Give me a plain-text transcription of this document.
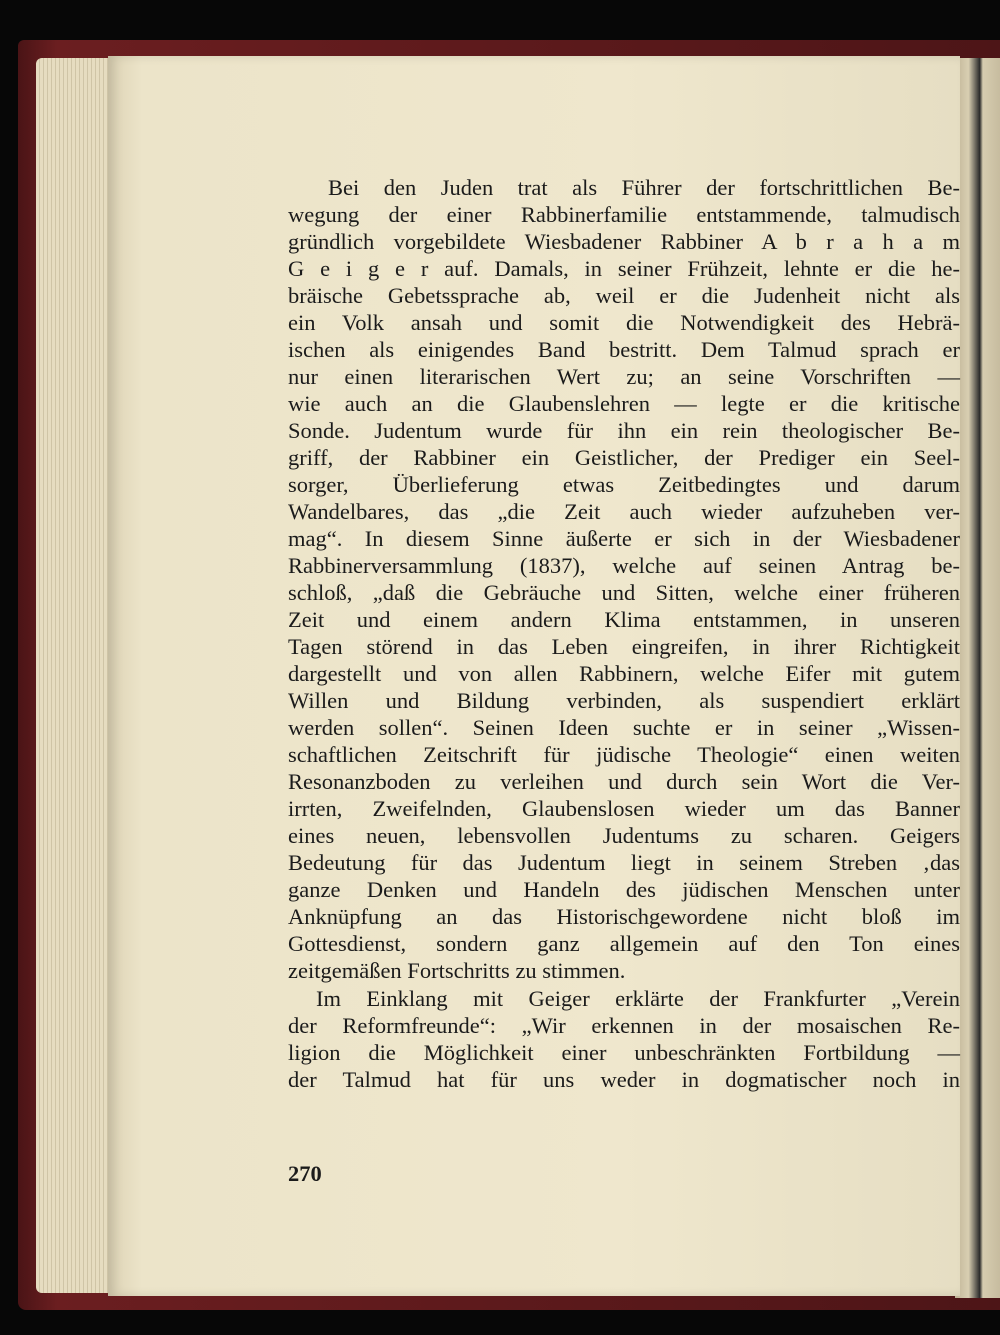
Bei den Juden trat als Führer der fortschrittlichen Be-
wegung der einer Rabbinerfamilie entstammende, talmudisch
gründlich vorgebildete Wiesbadener Rabbiner A b r a h a m
G e i g e r auf. Damals, in seiner Frühzeit, lehnte er die he-
bräische Gebetssprache ab, weil er die Judenheit nicht als
ein Volk ansah und somit die Notwendigkeit des Hebrä-
ischen als einigendes Band bestritt. Dem Talmud sprach er
nur einen literarischen Wert zu; an seine Vorschriften —
wie auch an die Glaubenslehren — legte er die kritische
Sonde. Judentum wurde für ihn ein rein theologischer Be-
griff, der Rabbiner ein Geistlicher, der Prediger ein Seel-
sorger, Überlieferung etwas Zeitbedingtes und darum
Wandelbares, das „die Zeit auch wieder aufzuheben ver-
mag“. In diesem Sinne äußerte er sich in der Wiesbadener
Rabbinerversammlung (1837), welche auf seinen Antrag be-
schloß, „daß die Gebräuche und Sitten, welche einer früheren
Zeit und einem andern Klima entstammen, in unseren
Tagen störend in das Leben eingreifen, in ihrer Richtigkeit
dargestellt und von allen Rabbinern, welche Eifer mit gutem
Willen und Bildung verbinden, als suspendiert erklärt
werden sollen“. Seinen Ideen suchte er in seiner „Wissen-
schaftlichen Zeitschrift für jüdische Theologie“ einen weiten
Resonanzboden zu verleihen und durch sein Wort die Ver-
irrten, Zweifelnden, Glaubenslosen wieder um das Banner
eines neuen, lebensvollen Judentums zu scharen. Geigers
Bedeutung für das Judentum liegt in seinem Streben ‚das
ganze Denken und Handeln des jüdischen Menschen unter
Anknüpfung an das Historischgewordene nicht bloß im
Gottesdienst, sondern ganz allgemein auf den Ton eines
zeitgemäßen Fortschritts zu stimmen.
Im Einklang mit Geiger erklärte der Frankfurter „Verein
der Reformfreunde“: „Wir erkennen in der mosaischen Re-
ligion die Möglichkeit einer unbeschränkten Fortbildung —
der Talmud hat für uns weder in dogmatischer noch in
270
